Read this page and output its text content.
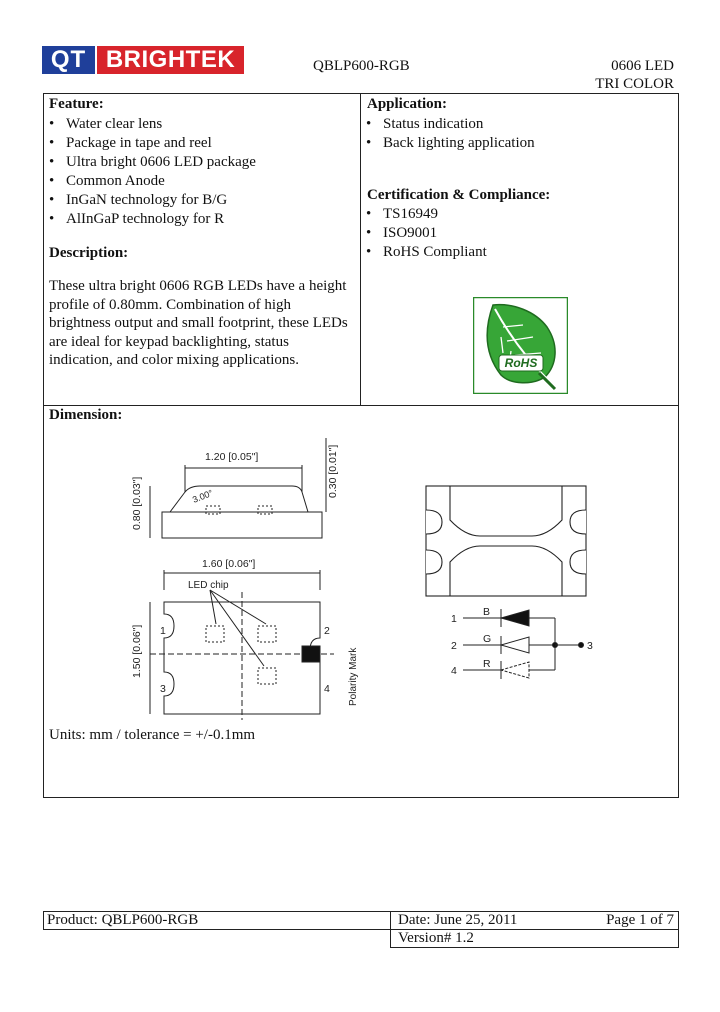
QT BRIGHTEK	QBLP600-RGB	0606 LED
TRI COLOR
Feature:
• Water clear lens
• Package in tape and reel
• Ultra bright 0606 LED package
• Common Anode
• InGaN technology for B/G
• AlInGaP technology for R
Description:
These ultra bright 0606 RGB LEDs have a height profile of 0.80mm. Combination of high brightness output and small footprint, these LEDs are ideal for keypad backlighting, status indication, and color mixing applications.
Application:
• Status indication
• Back lighting application
Certification & Compliance:
• TS16949
• ISO9001
• RoHS Compliant
RoHS
Dimension:
1.20 [0.05"]
3.00°
0.80 [0.03"]
0.30 [0.01"]
1.60 [0.06"]
LED chip
1	2
3	4 Polarity Mark
1.50 [0.06"]
1
2
4
3
B
G
R
Units: mm / tolerance = +/-0.1mm
Product: QBLP600-RGB	Date: June 25, 2011	Page 1 of 7
Version# 1.2
